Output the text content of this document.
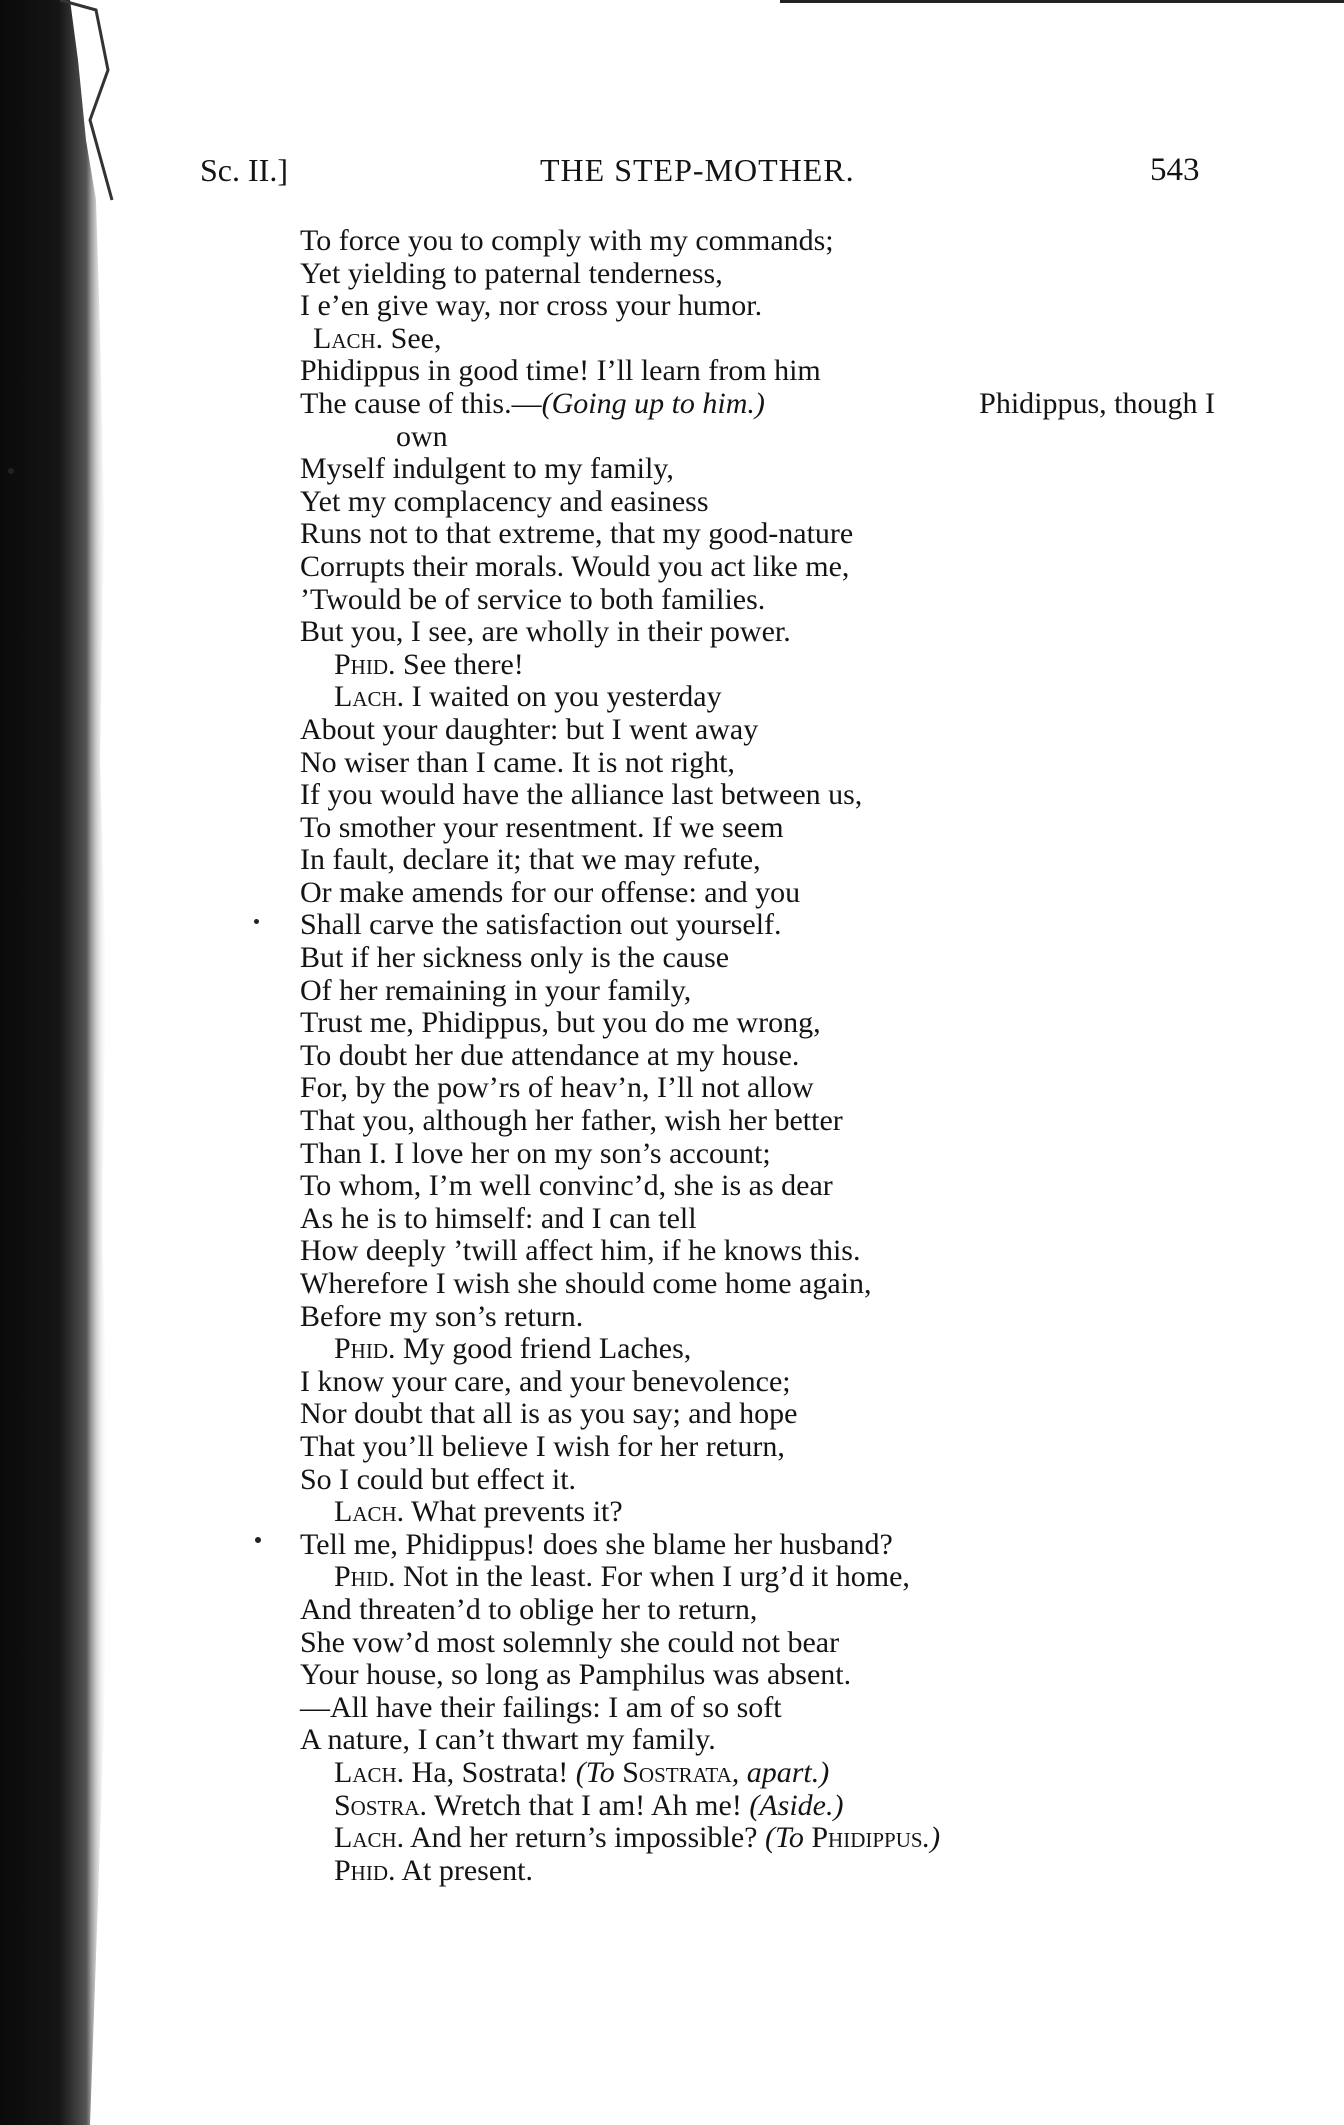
Sc. II.]	THE STEP-MOTHER.	543
To force you to comply with my commands;
Yet yielding to paternal tenderness,
I e’en give way, nor cross your humor.
Lach. See,
Phidippus in good time! I’ll learn from him
The cause of this.—(Going up to him.)	Phidippus, though I
own
Myself indulgent to my family,
Yet my complacency and easiness
Runs not to that extreme, that my good-nature
Corrupts their morals. Would you act like me,
’Twould be of service to both families.
But you, I see, are wholly in their power.
Phid. See there!
Lach. I waited on you yesterday
About your daughter: but I went away
No wiser than I came. It is not right,
If you would have the alliance last between us,
To smother your resentment. If we seem
In fault, declare it; that we may refute,
Or make amends for our offense: and you
Shall carve the satisfaction out yourself.
But if her sickness only is the cause
Of her remaining in your family,
Trust me, Phidippus, but you do me wrong,
To doubt her due attendance at my house.
For, by the pow’rs of heav’n, I’ll not allow
That you, although her father, wish her better
Than I. I love her on my son’s account;
To whom, I’m well convinc’d, she is as dear
As he is to himself: and I can tell
How deeply ’twill affect him, if he knows this.
Wherefore I wish she should come home again,
Before my son’s return.
Phid. My good friend Laches,
I know your care, and your benevolence;
Nor doubt that all is as you say; and hope
That you’ll believe I wish for her return,
So I could but effect it.
Lach. What prevents it?
Tell me, Phidippus! does she blame her husband?
Phid. Not in the least. For when I urg’d it home,
And threaten’d to oblige her to return,
She vow’d most solemnly she could not bear
Your house, so long as Pamphilus was absent.
—All have their failings: I am of so soft
A nature, I can’t thwart my family.
Lach. Ha, Sostrata! (To Sostrata, apart.)
Sostra. Wretch that I am! Ah me! (Aside.)
Lach. And her return’s impossible? (To Phidippus.)
Phid. At present.
